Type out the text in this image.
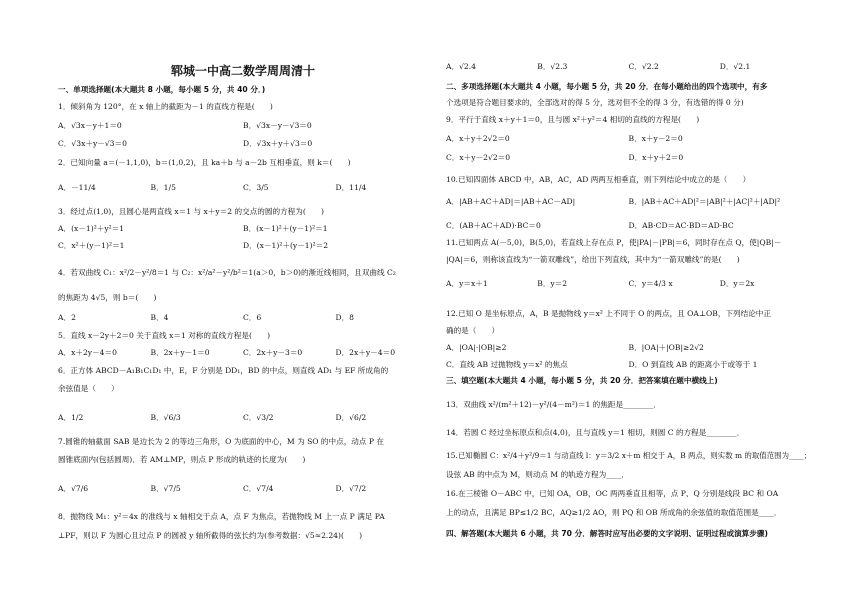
郓城一中高二数学周周清十
一、单项选择题(本大题共 8 小题，每小题 5 分，共 40 分．)
1．倾斜角为 120°，在 x 轴上的截距为－1 的直线方程是(　　)
A．√3x－y＋1＝0	B．√3x－y－√3＝0
C．√3x＋y－√3＝0	D．√3x＋y＋√3＝0
2．已知向量 a＝(－1,1,0)，b＝(1,0,2)，且 ka＋b 与 a－2b 互相垂直，则 k＝(　　)
A．－11/4	B．1/5	C．3/5	D．11/4
3．经过点(1,0)，且圆心是两直线 x＝1 与 x＋y＝2 的交点的圆的方程为(　　)
A．(x－1)²＋y²＝1	B．(x－1)²＋(y－1)²＝1
C．x²＋(y－1)²＝1	D．(x－1)²＋(y－1)²＝2
4．若双曲线 C₁：x²/2－y²/8＝1 与 C₂：x²/a²－y²/b²＝1(a＞0，b＞0)的渐近线相同，且双曲线 C₂
的焦距为 4√5，则 b＝(　　)
A．2	B．4	C．6	D．8
5．直线 x－2y＋2＝0 关于直线 x＝1 对称的直线方程是(　　)
A．x＋2y－4＝0	B．2x＋y－1＝0	C．2x＋y－3＝0	D．2x＋y－4＝0
6．正方体 ABCD－A₁B₁C₁D₁ 中，E，F 分别是 DD₁，BD 的中点，则直线 AD₁ 与 EF 所成角的
余弦值是（　　）
A．1/2	B．√6/3	C．√3/2	D．√6/2
7.圆锥的轴截面 SAB 是边长为 2 的等边三角形，O 为底面的中心，M 为 SO 的中点，动点 P 在
圆锥底面内(包括圆周)．若 AM⊥MP，则点 P 形成的轨迹的长度为(　　)
A．√7/6	B．√7/5	C．√7/4	D．√7/2
8．抛物线 M₁：y²＝4x 的准线与 x 轴相交于点 A，点 F 为焦点，若抛物线 M 上一点 P 满足 PA
⊥PF，则以 F 为圆心且过点 P 的圆被 y 轴所截得的弦长约为(参考数据：√5≈2.24)(　　)
A．√2.4	B．√2.3	C．√2.2	D．√2.1
二、多项选择题(本大题共 4 小题，每小题 5 分，共 20 分．在每小题给出的四个选项中，有多
个选项是符合题目要求的，全部选对的得 5 分，选对但不全的得 3 分，有选错的得 0 分)
9．平行于直线 x＋y＋1＝0，且与圆 x²＋y²＝4 相切的直线的方程是(　　)
A．x＋y＋2√2＝0	B．x＋y－2＝0
C．x＋y－2√2＝0	D．x＋y＋2＝0
10.已知四面体 ABCD 中，AB，AC，AD 两两互相垂直，则下列结论中成立的是（　　）
A．|AB＋AC＋AD|＝|AB＋AC－AD|	B．|AB＋AC＋AD|²＝|AB|²＋|AC|²＋|AD|²
C．(AB＋AC＋AD)·BC＝0	D．AB·CD＝AC·BD＝AD·BC
11.已知两点 A(－5,0)，B(5,0)，若直线上存在点 P，使|PA|－|PB|＝6，同时存在点 Q，使|QB|－
|QA|＝6，则称该直线为“一箭双雕线”，给出下列直线，其中为“一箭双雕线”的是(　　)
A．y＝x＋1	B．y＝2	C．y＝4/3 x	D．y＝2x
12.已知 O 是坐标原点，A，B 是抛物线 y＝x² 上不同于 O 的两点，且 OA⊥OB，下列结论中正
确的是（　　）
A．|OA|·|OB|≥2	B．|OA|＋|OB|≥2√2
C．直线 AB 过抛物线 y＝x² 的焦点	D．O 到直线 AB 的距离小于或等于 1
三、填空题(本大题共 4 小题，每小题 5 分，共 20 分．把答案填在题中横线上)
13．双曲线 x²/(m²＋12)－y²/(4－m²)＝1 的焦距是________．
14．若圆 C 经过坐标原点和点(4,0)，且与直线 y＝1 相切，则圆 C 的方程是________．
15.已知椭圆 C：x²/4＋y²/9＝1 与动直线 l：y＝3/2 x＋m 相交于 A，B 两点，则实数 m 的取值范围为____；
设弦 AB 的中点为 M，则动点 M 的轨迹方程为____．
16.在三棱锥 O－ABC 中，已知 OA，OB，OC 两两垂直且相等，点 P、Q 分别是线段 BC 和 OA
上的动点，且满足 BP≤1/2 BC，AQ≥1/2 AO，则 PQ 和 OB 所成角的余弦值的取值范围是____．
四、解答题(本大题共 6 小题，共 70 分．解答时应写出必要的文字说明、证明过程或演算步骤)
